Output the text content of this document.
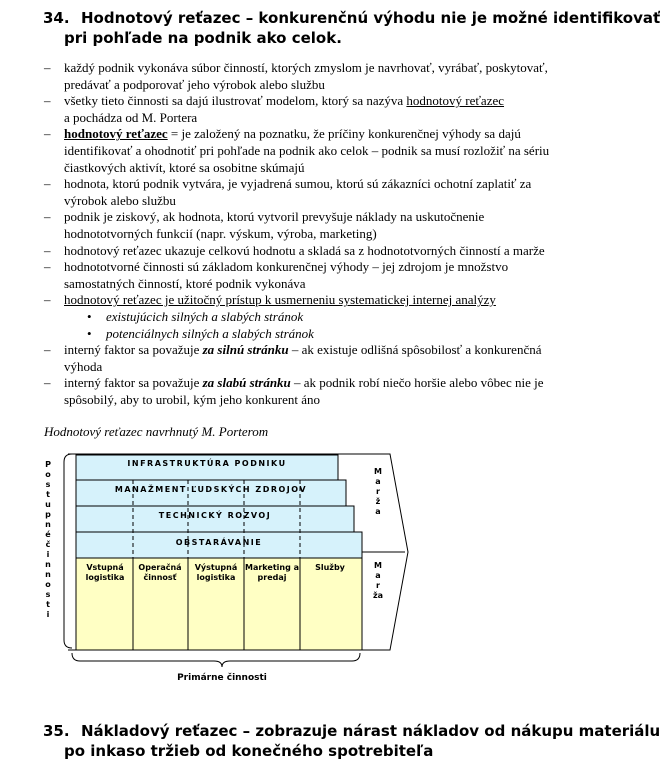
34. Hodnotový reťazec – konkurenčnú výhodu nie je možné identifikovať
pri pohľade na podnik ako celok.
– každý podnik vykonáva súbor činností, ktorých zmyslom je navrhovať, vyrábať, poskytovať,
predávať a podporovať jeho výrobok alebo službu
– všetky tieto činnosti sa dajú ilustrovať modelom, ktorý sa nazýva hodnotový reťazec
a pochádza od M. Portera
– hodnotový reťazec = je založený na poznatku, že príčiny konkurenčnej výhody sa dajú
identifikovať a ohodnotiť pri pohľade na podnik ako celok – podnik sa musí rozložiť na sériu
čiastkových aktivít, ktoré sa osobitne skúmajú
– hodnota, ktorú podnik vytvára, je vyjadrená sumou, ktorú sú zákazníci ochotní zaplatiť za
výrobok alebo službu
– podnik je ziskový, ak hodnota, ktorú vytvoril prevyšuje náklady na uskutočnenie
hodnototvorných funkcií (napr. výskum, výroba, marketing)
– hodnotový reťazec ukazuje celkovú hodnotu a skladá sa z hodnototvorných činností a marže
– hodnototvorné činnosti sú základom konkurenčnej výhody – jej zdrojom je množstvo
samostatných činností, ktoré podnik vykonáva
– hodnotový reťazec je užitočný prístup k usmerneniu systematickej internej analýzy
• existujúcich silných a slabých stránok
• potenciálnych silných a slabých stránok
– interný faktor sa považuje za silnú stránku – ak existuje odlišná spôsobilosť a konkurenčná
výhoda
– interný faktor sa považuje za slabú stránku – ak podnik robí niečo horšie alebo vôbec nie je
spôsobilý, aby to urobil, kým jeho konkurent áno
Hodnotový reťazec navrhnutý M. Porterom
INFRASTRUKTÚRA PODNIKU
MANAŽMENT ĽUDSKÝCH ZDROJOV
TECHNICKÝ ROZVOJ
OBSTARÁVANIE
Vstupná
logistika
Operačná
činnosť
Výstupná
logistika
Marketing a
predaj
Služby
P
o
s
t
u
p
n
é
č
i
n
n
o
s
t
i
M
a
r
ž
a
M
a
r
ža
Primárne činnosti
35. Nákladový reťazec – zobrazuje nárast nákladov od nákupu materiálu
po inkaso tržieb od konečného spotrebiteľa
